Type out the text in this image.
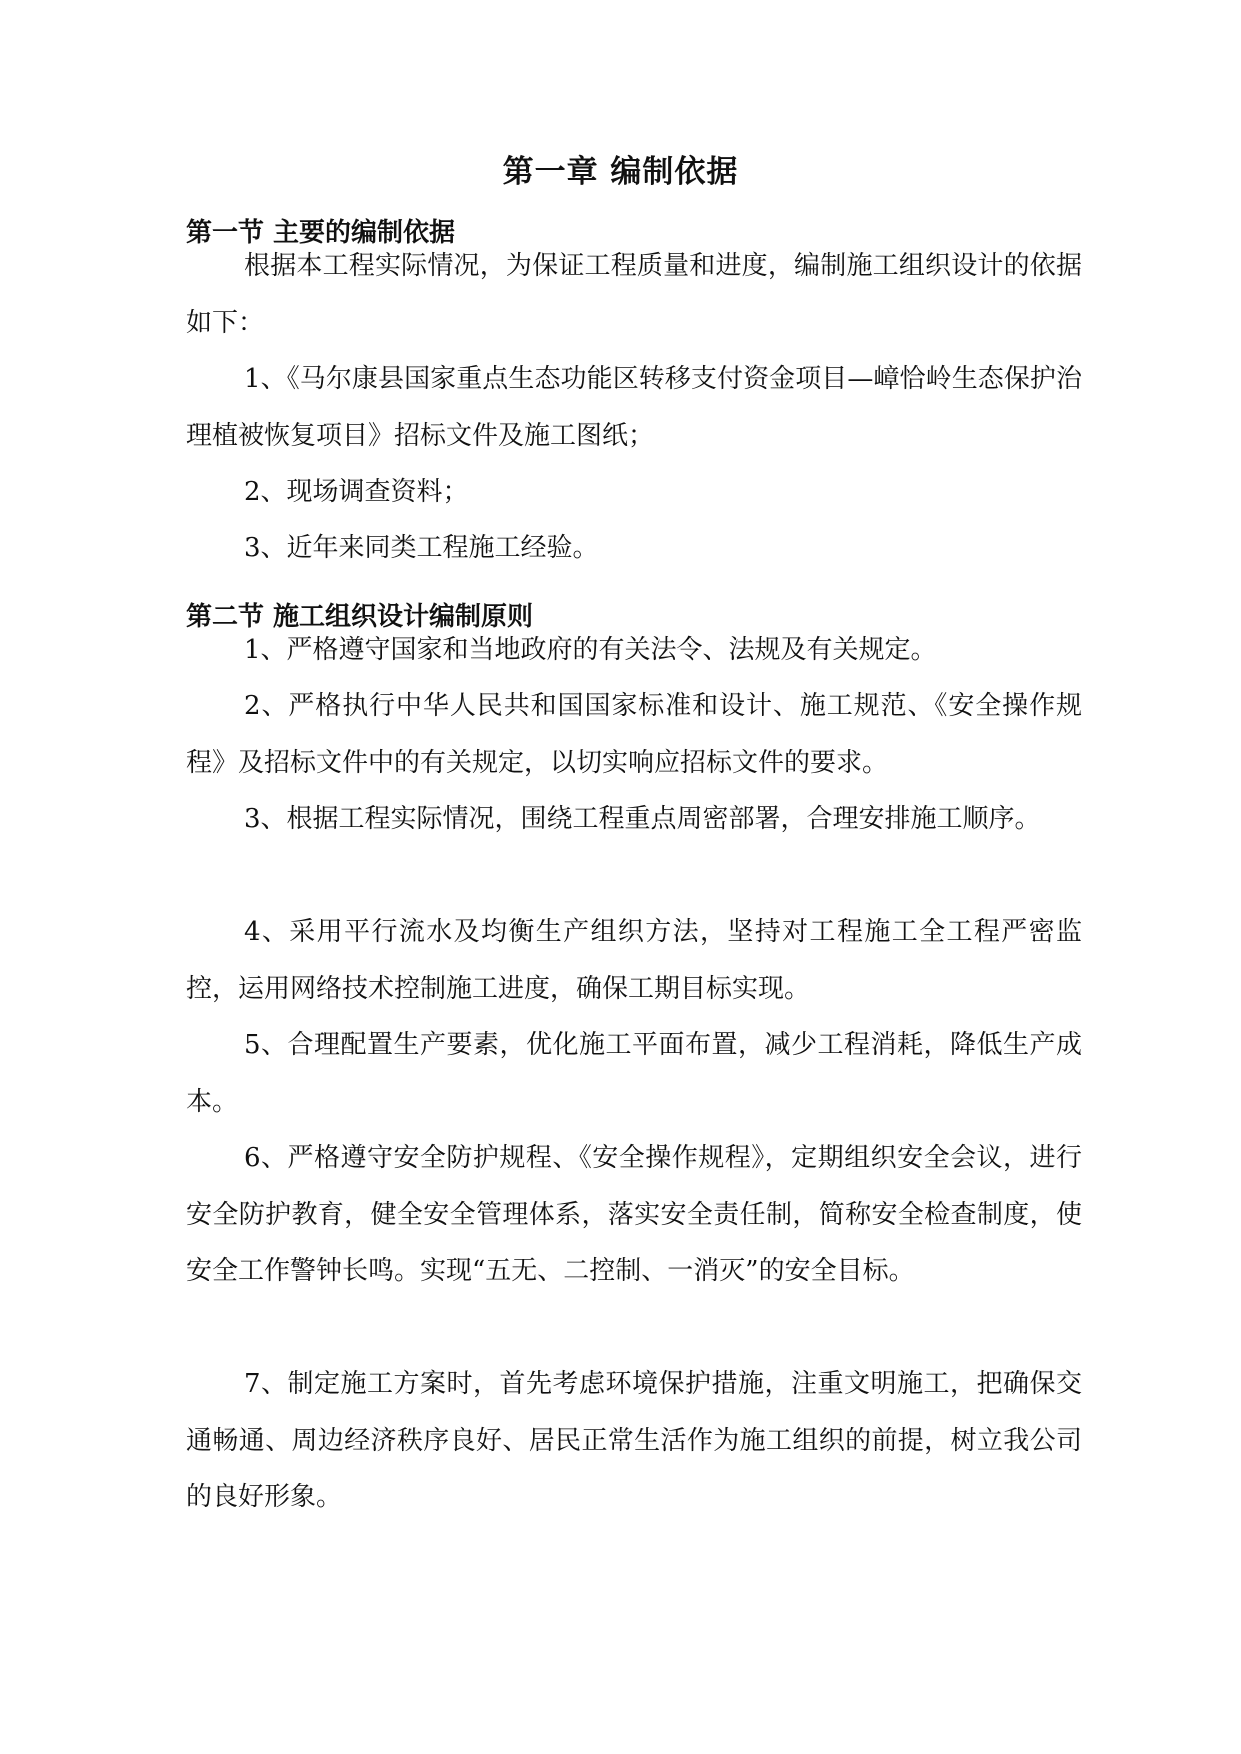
第一章 编制依据
第一节 主要的编制依据

根据本工程实际情况，为保证工程质量和进度，编制施工组织设计的依据如下：

1、《马尔康县国家重点生态功能区转移支付资金项目—嶂恰岭生态保护治理植被恢复项目》招标文件及施工图纸；

2、现场调查资料；

3、近年来同类工程施工经验。

第二节 施工组织设计编制原则

1、严格遵守国家和当地政府的有关法令、法规及有关规定。

2、严格执行中华人民共和国国家标准和设计、施工规范、《安全操作规程》及招标文件中的有关规定，以切实响应招标文件的要求。

3、根据工程实际情况，围绕工程重点周密部署，合理安排施工顺序。

4、采用平行流水及均衡生产组织方法，坚持对工程施工全工程严密监控，运用网络技术控制施工进度，确保工期目标实现。

5、合理配置生产要素，优化施工平面布置，减少工程消耗，降低生产成本。

6、严格遵守安全防护规程、《安全操作规程》，定期组织安全会议，进行安全防护教育，健全安全管理体系，落实安全责任制，简称安全检查制度，使安全工作警钟长鸣。实现“五无、二控制、一消灭”的安全目标。

7、制定施工方案时，首先考虑环境保护措施，注重文明施工，把确保交通畅通、周边经济秩序良好、居民正常生活作为施工组织的前提，树立我公司的良好形象。
